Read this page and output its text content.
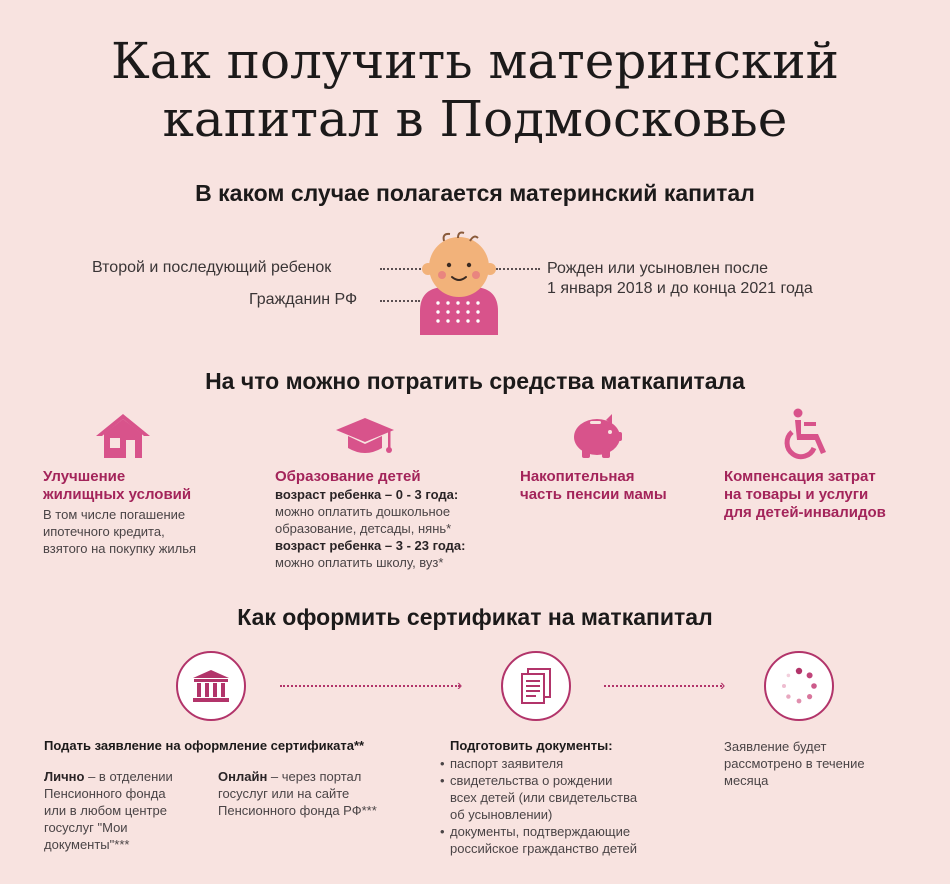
Как получить материнский
капитал в Подмосковье
В каком случае полагается материнский капитал
Второй и последующий ребенок
Гражданин РФ
Рожден или усыновлен после
1 января 2018 и до конца 2021 года
На что можно потратить средства маткапитала
Улучшение
жилищных условий
В том числе погашение
ипотечного кредита,
взятого на покупку жилья
Образование детей
возраст ребенка – 0 - 3 года:
можно оплатить дошкольное
образование, детсады, нянь*
возраст ребенка – 3 - 23 года:
можно оплатить школу, вуз*
Накопительная
часть пенсии мамы
Компенсация затрат
на товары и услуги
для детей-инвалидов
Как оформить сертификат на маткапитал
›	›
Подать заявление на оформление сертификата**
Лично – в отделении
Пенсионного фонда
или в любом центре
госуслуг "Мои
документы"***
Онлайн – через портал
госуслуг или на сайте
Пенсионного фонда РФ***
Подготовить документы:
• паспорт заявителя
• свидетельства о рождении
всех детей (или свидетельства
об усыновлении)
• документы, подтверждающие
российское гражданство детей
Заявление будет
рассмотрено в течение
месяца
